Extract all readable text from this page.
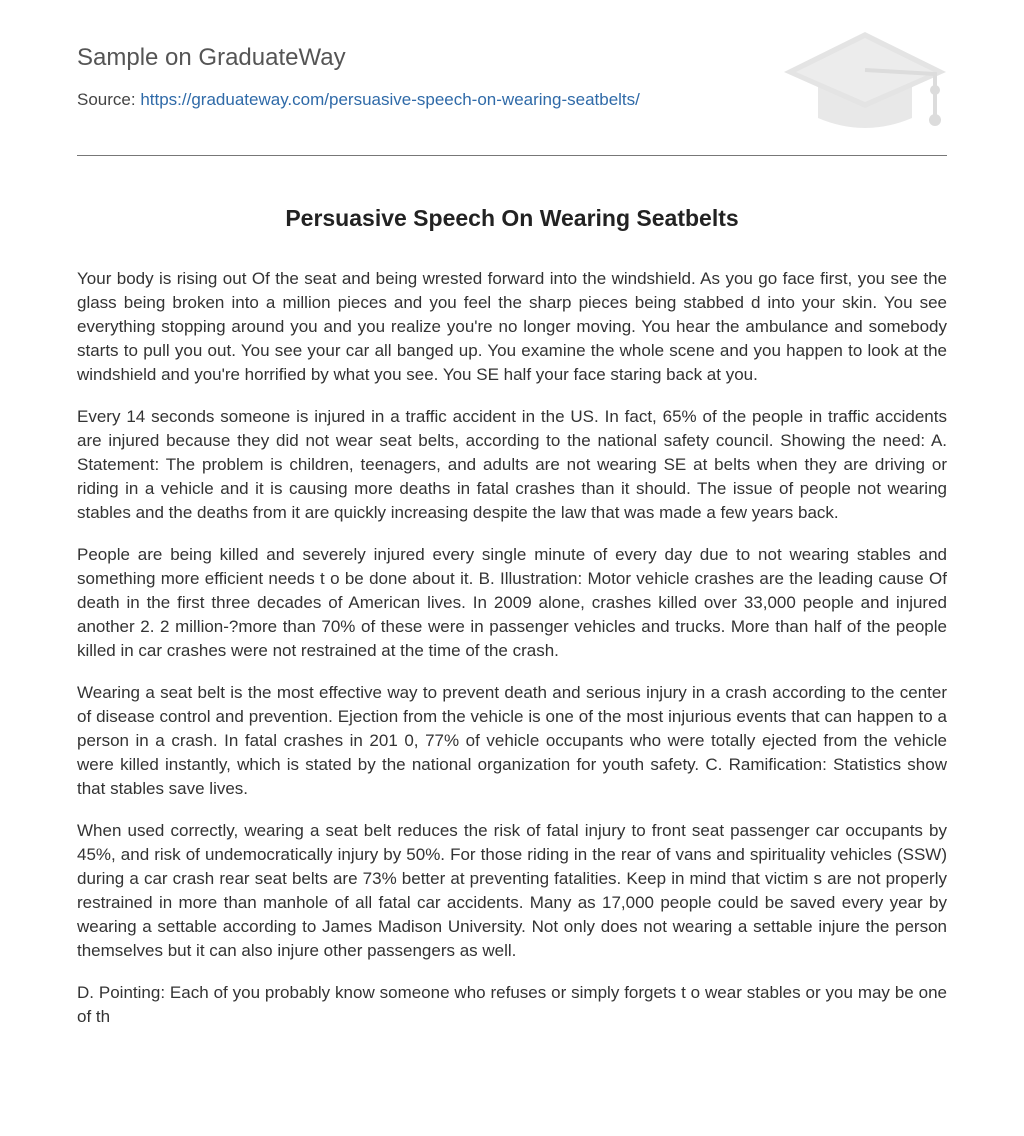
Sample on GraduateWay
Source: https://graduateway.com/persuasive-speech-on-wearing-seatbelts/
Persuasive Speech On Wearing Seatbelts

Your body is rising out Of the seat and being wrested forward into the windshield. As you go face first, you see the glass being broken into a million pieces and you feel the sharp pieces being stabbed d into your skin. You see everything stopping around you and you realize you're no longer moving. You hear the ambulance and somebody starts to pull you out. You see your car all banged up. You examine the whole scene and you happen to look at the windshield and you're horrified by what you see. You SE half your face staring back at you.

Every 14 seconds someone is injured in a traffic accident in the US. In fact, 65% of the people in traffic accidents are injured because they did not wear seat belts, according to the national safety council. Showing the need: A. Statement: The problem is children, teenagers, and adults are not wearing SE at belts when they are driving or riding in a vehicle and it is causing more deaths in fatal crashes than it should. The issue of people not wearing stables and the deaths from it are quickly increasing despite the law that was made a few years back.

People are being killed and severely injured every single minute of every day due to not wearing stables and something more efficient needs t o be done about it. B. Illustration: Motor vehicle crashes are the leading cause Of death in the first three decades of American lives. In 2009 alone, crashes killed over 33,000 people and injured another 2. 2 million-?more than 70% of these were in passenger vehicles and trucks. More than half of the people killed in car crashes were not restrained at the time of the crash.

Wearing a seat belt is the most effective way to prevent death and serious injury in a crash according to the center of disease control and prevention. Ejection from the vehicle is one of the most injurious events that can happen to a person in a crash. In fatal crashes in 201 0, 77% of vehicle occupants who were totally ejected from the vehicle were killed instantly, which is stated by the national organization for youth safety. C. Ramification: Statistics show that stables save lives.

When used correctly, wearing a seat belt reduces the risk of fatal injury to front seat passenger car occupants by 45%, and risk of undemocratically injury by 50%. For those riding in the rear of vans and spirituality vehicles (SSW) during a car crash rear seat belts are 73% better at preventing fatalities. Keep in mind that victim s are not properly restrained in more than manhole of all fatal car accidents. Many as 17,000 people could be saved every year by wearing a settable according to James Madison University. Not only does not wearing a settable injure the person themselves but it can also injure other passengers as well.

D. Pointing: Each of you probably know someone who refuses or simply forgets t o wear stables or you may be one of th
